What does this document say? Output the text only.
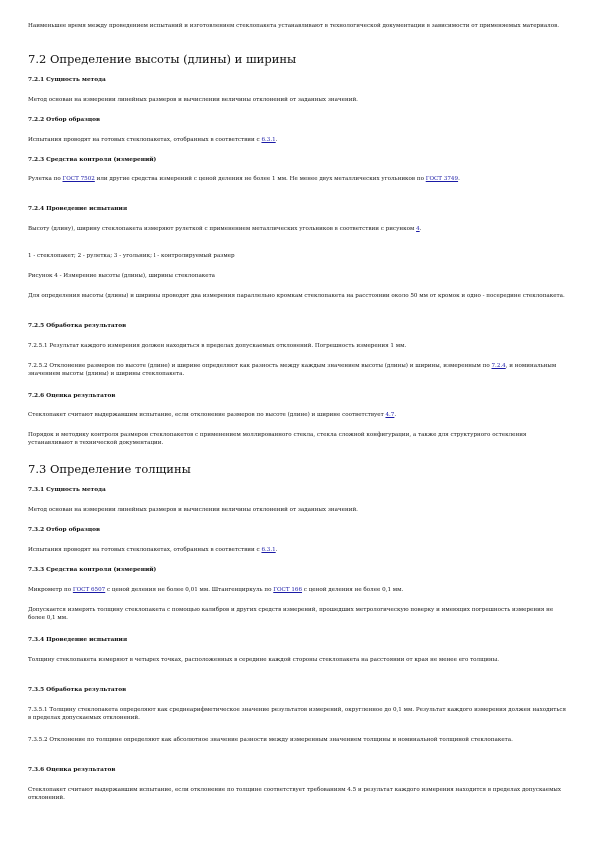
Наименьшее время между проведением испытаний и изготовлением стеклопакета устанавливают в технологической документации в зависимости от применяемых материалов.

7.2 Определение высоты (длины) и ширины
7.2.1 Сущность метода

Метод основан на измерении линейных размеров и вычислении величины отклонений от заданных значений.

7.2.2 Отбор образцов

Испытания проводят на готовых стеклопакетах, отобранных в соответствии с 6.3.1.

7.2.3 Средства контроля (измерений)

Рулетка по ГОСТ 7502 или другие средства измерений с ценой деления не более 1 мм. Не менее двух металлических угольников по ГОСТ 3749.

7.2.4 Проведение испытания

Высоту (длину), ширину стеклопакета измеряют рулеткой с применением металлических угольников в соответствии с рисунком 4.

1 - стеклопакет; 2 - рулетка; 3 - угольник; l - контролируемый размер

Рисунок 4 - Измерение высоты (длины), ширины стеклопакета

Для определения высоты (длины) и ширины проводят два измерения параллельно кромкам стеклопакета на расстоянии около 50 мм от кромок и одно - посередине стеклопакета.

7.2.5 Обработка результатов

7.2.5.1 Результат каждого измерения должен находиться в пределах допускаемых отклонений. Погрешность измерения 1 мм.

7.2.5.2 Отклонение размеров по высоте (длине) и ширине определяют как разность между каждым значением высоты (длины) и ширины, измеренным по 7.2.4, и номинальным значением высоты (длины) и ширины стеклопакета.

7.2.6 Оценка результатов

Стеклопакет считают выдержавшим испытание, если отклонение размеров по высоте (длине) и ширине соответствует 4.7.

Порядок и методику контроля размеров стеклопакетов с применением моллированного стекла, стекла сложной конфигурации, а также для структурного остекления устанавливают в технической документации.

7.3 Определение толщины
7.3.1 Сущность метода

Метод основан на измерении линейных размеров и вычислении величины отклонений от заданных значений.

7.3.2 Отбор образцов

Испытания проводят на готовых стеклопакетах, отобранных в соответствии с 6.3.1.

7.3.3 Средства контроля (измерений)

Микрометр по ГОСТ 6507 с ценой деления не более 0,01 мм. Штангенциркуль по ГОСТ 166 с ценой деления не более 0,1 мм.

Допускается измерять толщину стеклопакета с помощью калибров и других средств измерений, прошедших метрологическую поверку и имеющих погрешность измерения не более 0,1 мм.

7.3.4 Проведение испытания

Толщину стеклопакета измеряют в четырех точках, расположенных в середине каждой стороны стеклопакета на расстоянии от края не менее его толщины.

7.3.5 Обработка результатов

7.3.5.1 Толщину стеклопакета определяют как среднеарифметическое значение результатов измерений, округленное до 0,1 мм. Результат каждого измерения должен находиться в пределах допускаемых отклонений.

7.3.5.2 Отклонение по толщине определяют как абсолютное значение разности между измеренным значением толщины и номинальной толщиной стеклопакета.

7.3.6 Оценка результатов

Стеклопакет считают выдержавшим испытание, если отклонение по толщине соответствует требованиям 4.5 и результат каждого измерения находится в пределах допускаемых отклонений.
